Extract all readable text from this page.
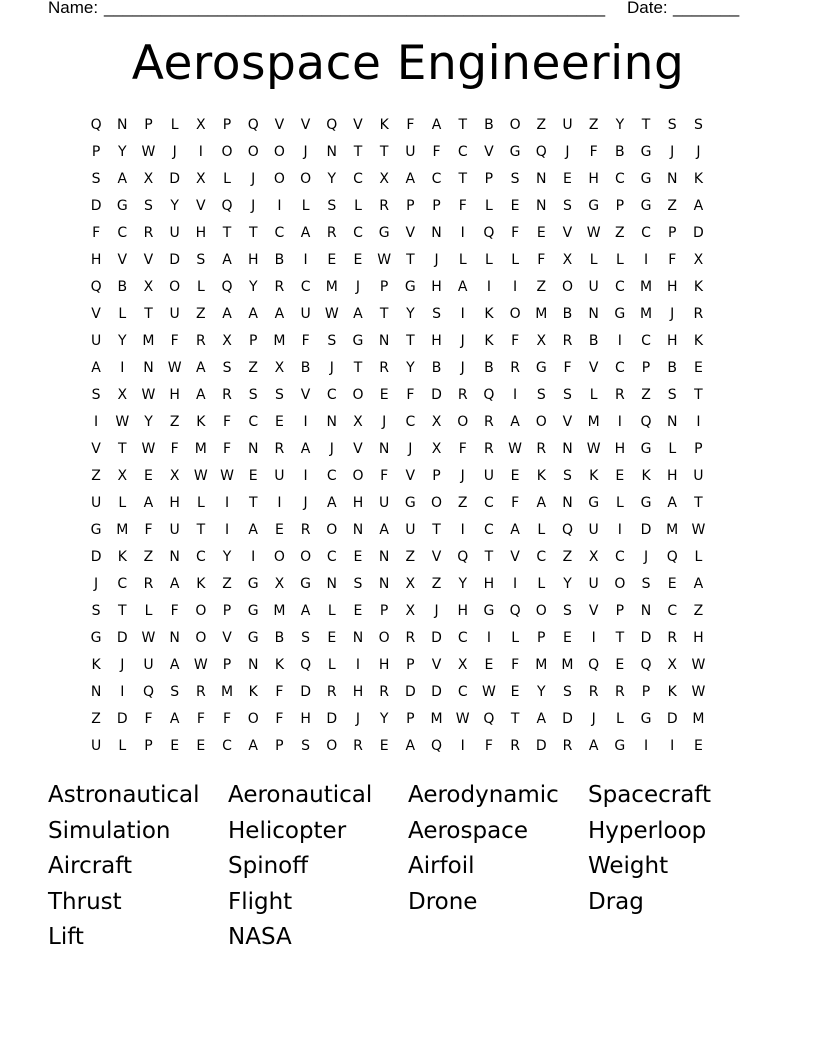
Name: _____________________________________________________ Date: _______
Aerospace Engineering
Q	N	P	L	X	P	Q	V	V	Q	V	K	F	A	T	B	O	Z	U	Z	Y	T	S	S
P	Y	W	J	I	O	O	O	J	N	T	T	U	F	C	V	G	Q	J	F	B	G	J	J
S	A	X	D	X	L	J	O	O	Y	C	X	A	C	T	P	S	N	E	H	C	G	N	K
D	G	S	Y	V	Q	J	I	L	S	L	R	P	P	F	L	E	N	S	G	P	G	Z	A
F	C	R	U	H	T	T	C	A	R	C	G	V	N	I	Q	F	E	V	W	Z	C	P	D
H	V	V	D	S	A	H	B	I	E	E	W	T	J	L	L	L	F	X	L	L	I	F	X
Q	B	X	O	L	Q	Y	R	C	M	J	P	G	H	A	I	I	Z	O	U	C	M	H	K
V	L	T	U	Z	A	A	A	U	W	A	T	Y	S	I	K	O	M	B	N	G	M	J	R
U	Y	M	F	R	X	P	M	F	S	G	N	T	H	J	K	F	X	R	B	I	C	H	K
A	I	N	W	A	S	Z	X	B	J	T	R	Y	B	J	B	R	G	F	V	C	P	B	E
S	X	W	H	A	R	S	S	V	C	O	E	F	D	R	Q	I	S	S	L	R	Z	S	T
I	W	Y	Z	K	F	C	E	I	N	X	J	C	X	O	R	A	O	V	M	I	Q	N	I
V	T	W	F	M	F	N	R	A	J	V	N	J	X	F	R	W	R	N	W	H	G	L	P
Z	X	E	X	W W	E	U	I	C	O	F	V	P	J	U	E	K	S	K	E	K	H	U
U	L	A	H	L	I	T	I	J	A	H	U	G	O	Z	C	F	A	N	G	L	G	A	T
G	M	F	U	T	I	A	E	R	O	N	A	U	T	I	C	A	L	Q	U	I	D	M W
D	K	Z	N	C	Y	I	O	O	C	E	N	Z	V	Q	T	V	C	Z	X	C	J	Q	L
J	C	R	A	K	Z	G	X	G	N	S	N	X	Z	Y	H	I	L	Y	U	O	S	E	A
S	T	L	F	O	P	G	M	A	L	E	P	X	J	H	G	Q	O	S	V	P	N	C	Z
G	D W	N	O	V	G	B	S	E	N	O	R	D	C	I	L	P	E	I	T	D	R	H
K	J	U	A	W	P	N	K	Q	L	I	H	P	V	X	E	F	M	M	Q	E	Q	X	W
N	I	Q	S	R	M	K	F	D	R	H	R	D	D	C	W	E	Y	S	R	R	P	K	W
Z	D	F	A	F	F	O	F	H	D	J	Y	P	M W Q	T	A	D	J	L	G	D	M
U	L	P	E	E	C	A	P	S	O	R	E	A	Q	I	F	R	D	R	A	G	I	I	E
Astronautical	Aeronautical	Aerodynamic	Spacecraft
Simulation	Helicopter	Aerospace	Hyperloop
Aircraft	Spinoff	Airfoil	Weight
Thrust	Flight	Drone	Drag
Lift	NASA
